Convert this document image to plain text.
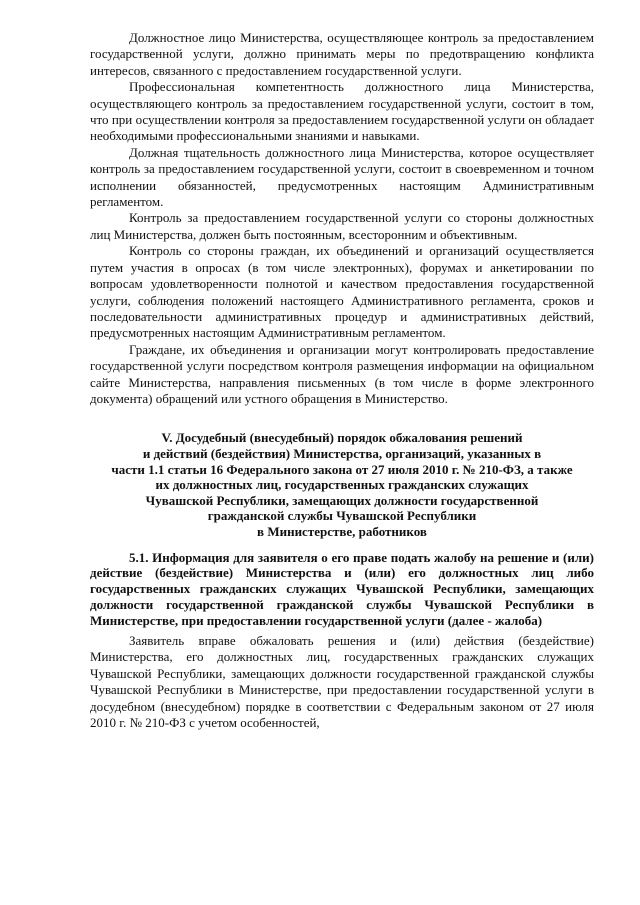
Должностное лицо Министерства, осуществляющее контроль за предоставлением государственной услуги, должно принимать меры по предотвращению конфликта интересов, связанного с предоставлением государственной услуги.

Профессиональная компетентность должностного лица Министерства, осуществляющего контроль за предоставлением государственной услуги, состоит в том, что при осуществлении контроля за предоставлением государственной услуги он обладает необходимыми профессиональными знаниями и навыками.

Должная тщательность должностного лица Министерства, которое осуществляет контроль за предоставлением государственной услуги, состоит в своевременном и точном исполнении обязанностей, предусмотренных настоящим Административным регламентом.

Контроль за предоставлением государственной услуги со стороны должностных лиц Министерства, должен быть постоянным, всесторонним и объективным.

Контроль со стороны граждан, их объединений и организаций осуществляется путем участия в опросах (в том числе электронных), форумах и анкетировании по вопросам удовлетворенности полнотой и качеством предоставления государственной услуги, соблюдения положений настоящего Административного регламента, сроков и последовательности административных процедур и административных действий, предусмотренных настоящим Административным регламентом.

Граждане, их объединения и организации могут контролировать предоставление государственной услуги посредством контроля размещения информации на официальном сайте Министерства, направления письменных (в том числе в форме электронного документа) обращений или устного обращения в Министерство.

V. Досудебный (внесудебный) порядок обжалования решений
и действий (бездействия) Министерства, организаций, указанных в
части 1.1 статьи 16 Федерального закона от 27 июля 2010 г. № 210-ФЗ, а также
их должностных лиц, государственных гражданских служащих
Чувашской Республики, замещающих должности государственной
гражданской службы Чувашской Республики
в Министерстве, работников

5.1. Информация для заявителя о его праве подать жалобу на решение и (или) действие (бездействие) Министерства и (или) его должностных лиц либо государственных гражданских служащих Чувашской Республики, замещающих должности государственной гражданской службы Чувашской Республики в Министерстве, при предоставлении государственной услуги (далее - жалоба)

Заявитель вправе обжаловать решения и (или) действия (бездействие) Министерства, его должностных лиц, государственных гражданских служащих Чувашской Республики, замещающих должности государственной гражданской службы Чувашской Республики в Министерстве, при предоставлении государственной услуги в досудебном (внесудебном) порядке в соответствии с Федеральным законом от 27 июля 2010 г. № 210-ФЗ с учетом особенностей,
